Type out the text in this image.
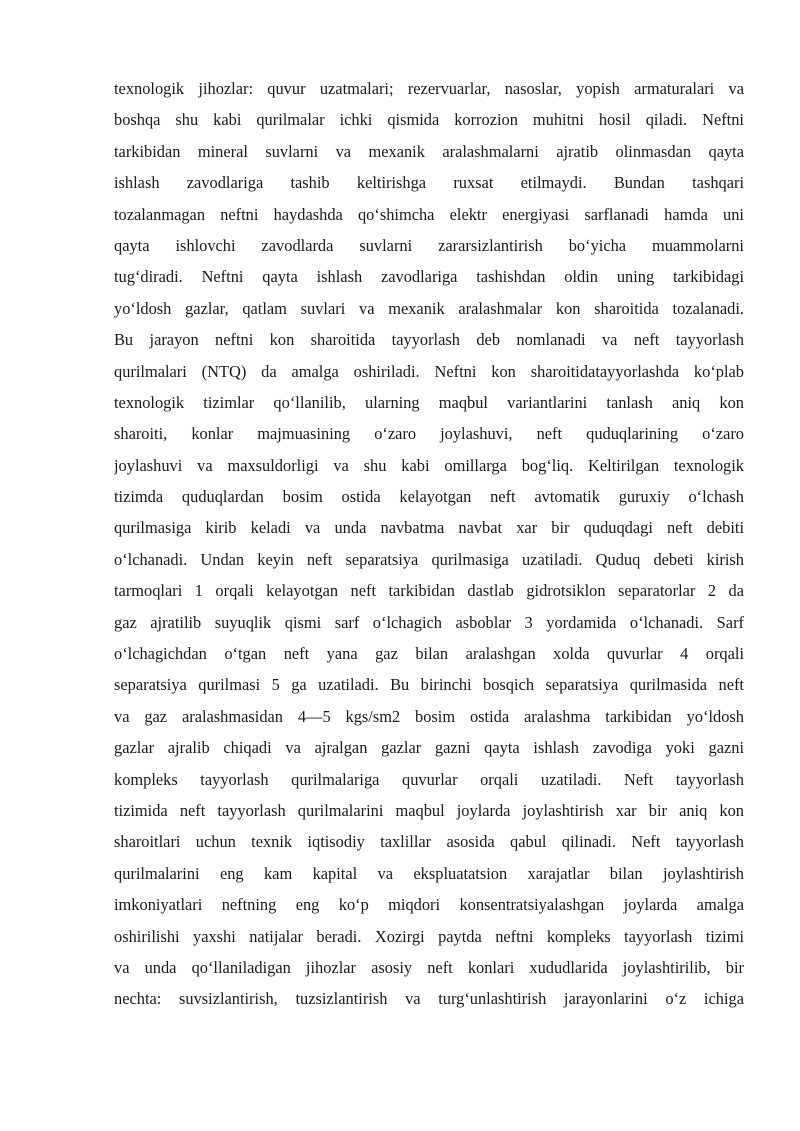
texnologik jihozlar: quvur uzatmalari; rezervuarlar, nasoslar, yopish armaturalari va
boshqa shu kabi qurilmalar ichki qismida korrozion muhitni hosil qiladi. Neftni
tarkibidan mineral suvlarni va mexanik aralashmalarni ajratib olinmasdan qayta
ishlash zavodlariga tashib keltirishga ruxsat etilmaydi. Bundan tashqari
tozalanmagan neftni haydashda qo‘shimcha elektr energiyasi sarflanadi hamda uni
qayta ishlovchi zavodlarda suvlarni zararsizlantirish bo‘yicha muammolarni
tug‘diradi. Neftni qayta ishlash zavodlariga tashishdan oldin uning tarkibidagi
yo‘ldosh gazlar, qatlam suvlari va mexanik aralashmalar kon sharoitida tozalanadi.
Bu jarayon neftni kon sharoitida tayyorlash deb nomlanadi va neft tayyorlash
qurilmalari (NTQ) da amalga oshiriladi. Neftni kon sharoitidatayyorlashda ko‘plab
texnologik tizimlar qo‘llanilib, ularning maqbul variantlarini tanlash aniq kon
sharoiti, konlar majmuasining o‘zaro joylashuvi, neft quduqlarining o‘zaro
joylashuvi va maxsuldorligi va shu kabi omillarga bog‘liq. Keltirilgan texnologik
tizimda quduqlardan bosim ostida kelayotgan neft avtomatik guruxiy o‘lchash
qurilmasiga kirib keladi va unda navbatma navbat xar bir quduqdagi neft debiti
o‘lchanadi. Undan keyin neft separatsiya qurilmasiga uzatiladi. Quduq debeti kirish
tarmoqlari 1 orqali kelayotgan neft tarkibidan dastlab gidrotsiklon separatorlar 2 da
gaz ajratilib suyuqlik qismi sarf o‘lchagich asboblar 3 yordamida o‘lchanadi. Sarf
o‘lchagichdan o‘tgan neft yana gaz bilan aralashgan xolda quvurlar 4 orqali
separatsiya qurilmasi 5 ga uzatiladi. Bu birinchi bosqich separatsiya qurilmasida neft
va gaz aralashmasidan 4—5 kgs/sm2 bosim ostida aralashma tarkibidan yo‘ldosh
gazlar ajralib chiqadi va ajralgan gazlar gazni qayta ishlash zavodiga yoki gazni
kompleks tayyorlash qurilmalariga quvurlar orqali uzatiladi. Neft tayyorlash
tizimida neft tayyorlash qurilmalarini maqbul joylarda joylashtirish xar bir aniq kon
sharoitlari uchun texnik iqtisodiy taxlillar asosida qabul qilinadi. Neft tayyorlash
qurilmalarini eng kam kapital va ekspluatatsion xarajatlar bilan joylashtirish
imkoniyatlari neftning eng ko‘p miqdori konsentratsiyalashgan joylarda amalga
oshirilishi yaxshi natijalar beradi. Xozirgi paytda neftni kompleks tayyorlash tizimi
va unda qo‘llaniladigan jihozlar asosiy neft konlari xududlarida joylashtirilib, bir
nechta: suvsizlantirish, tuzsizlantirish va turg‘unlashtirish jarayonlarini o‘z ichiga
